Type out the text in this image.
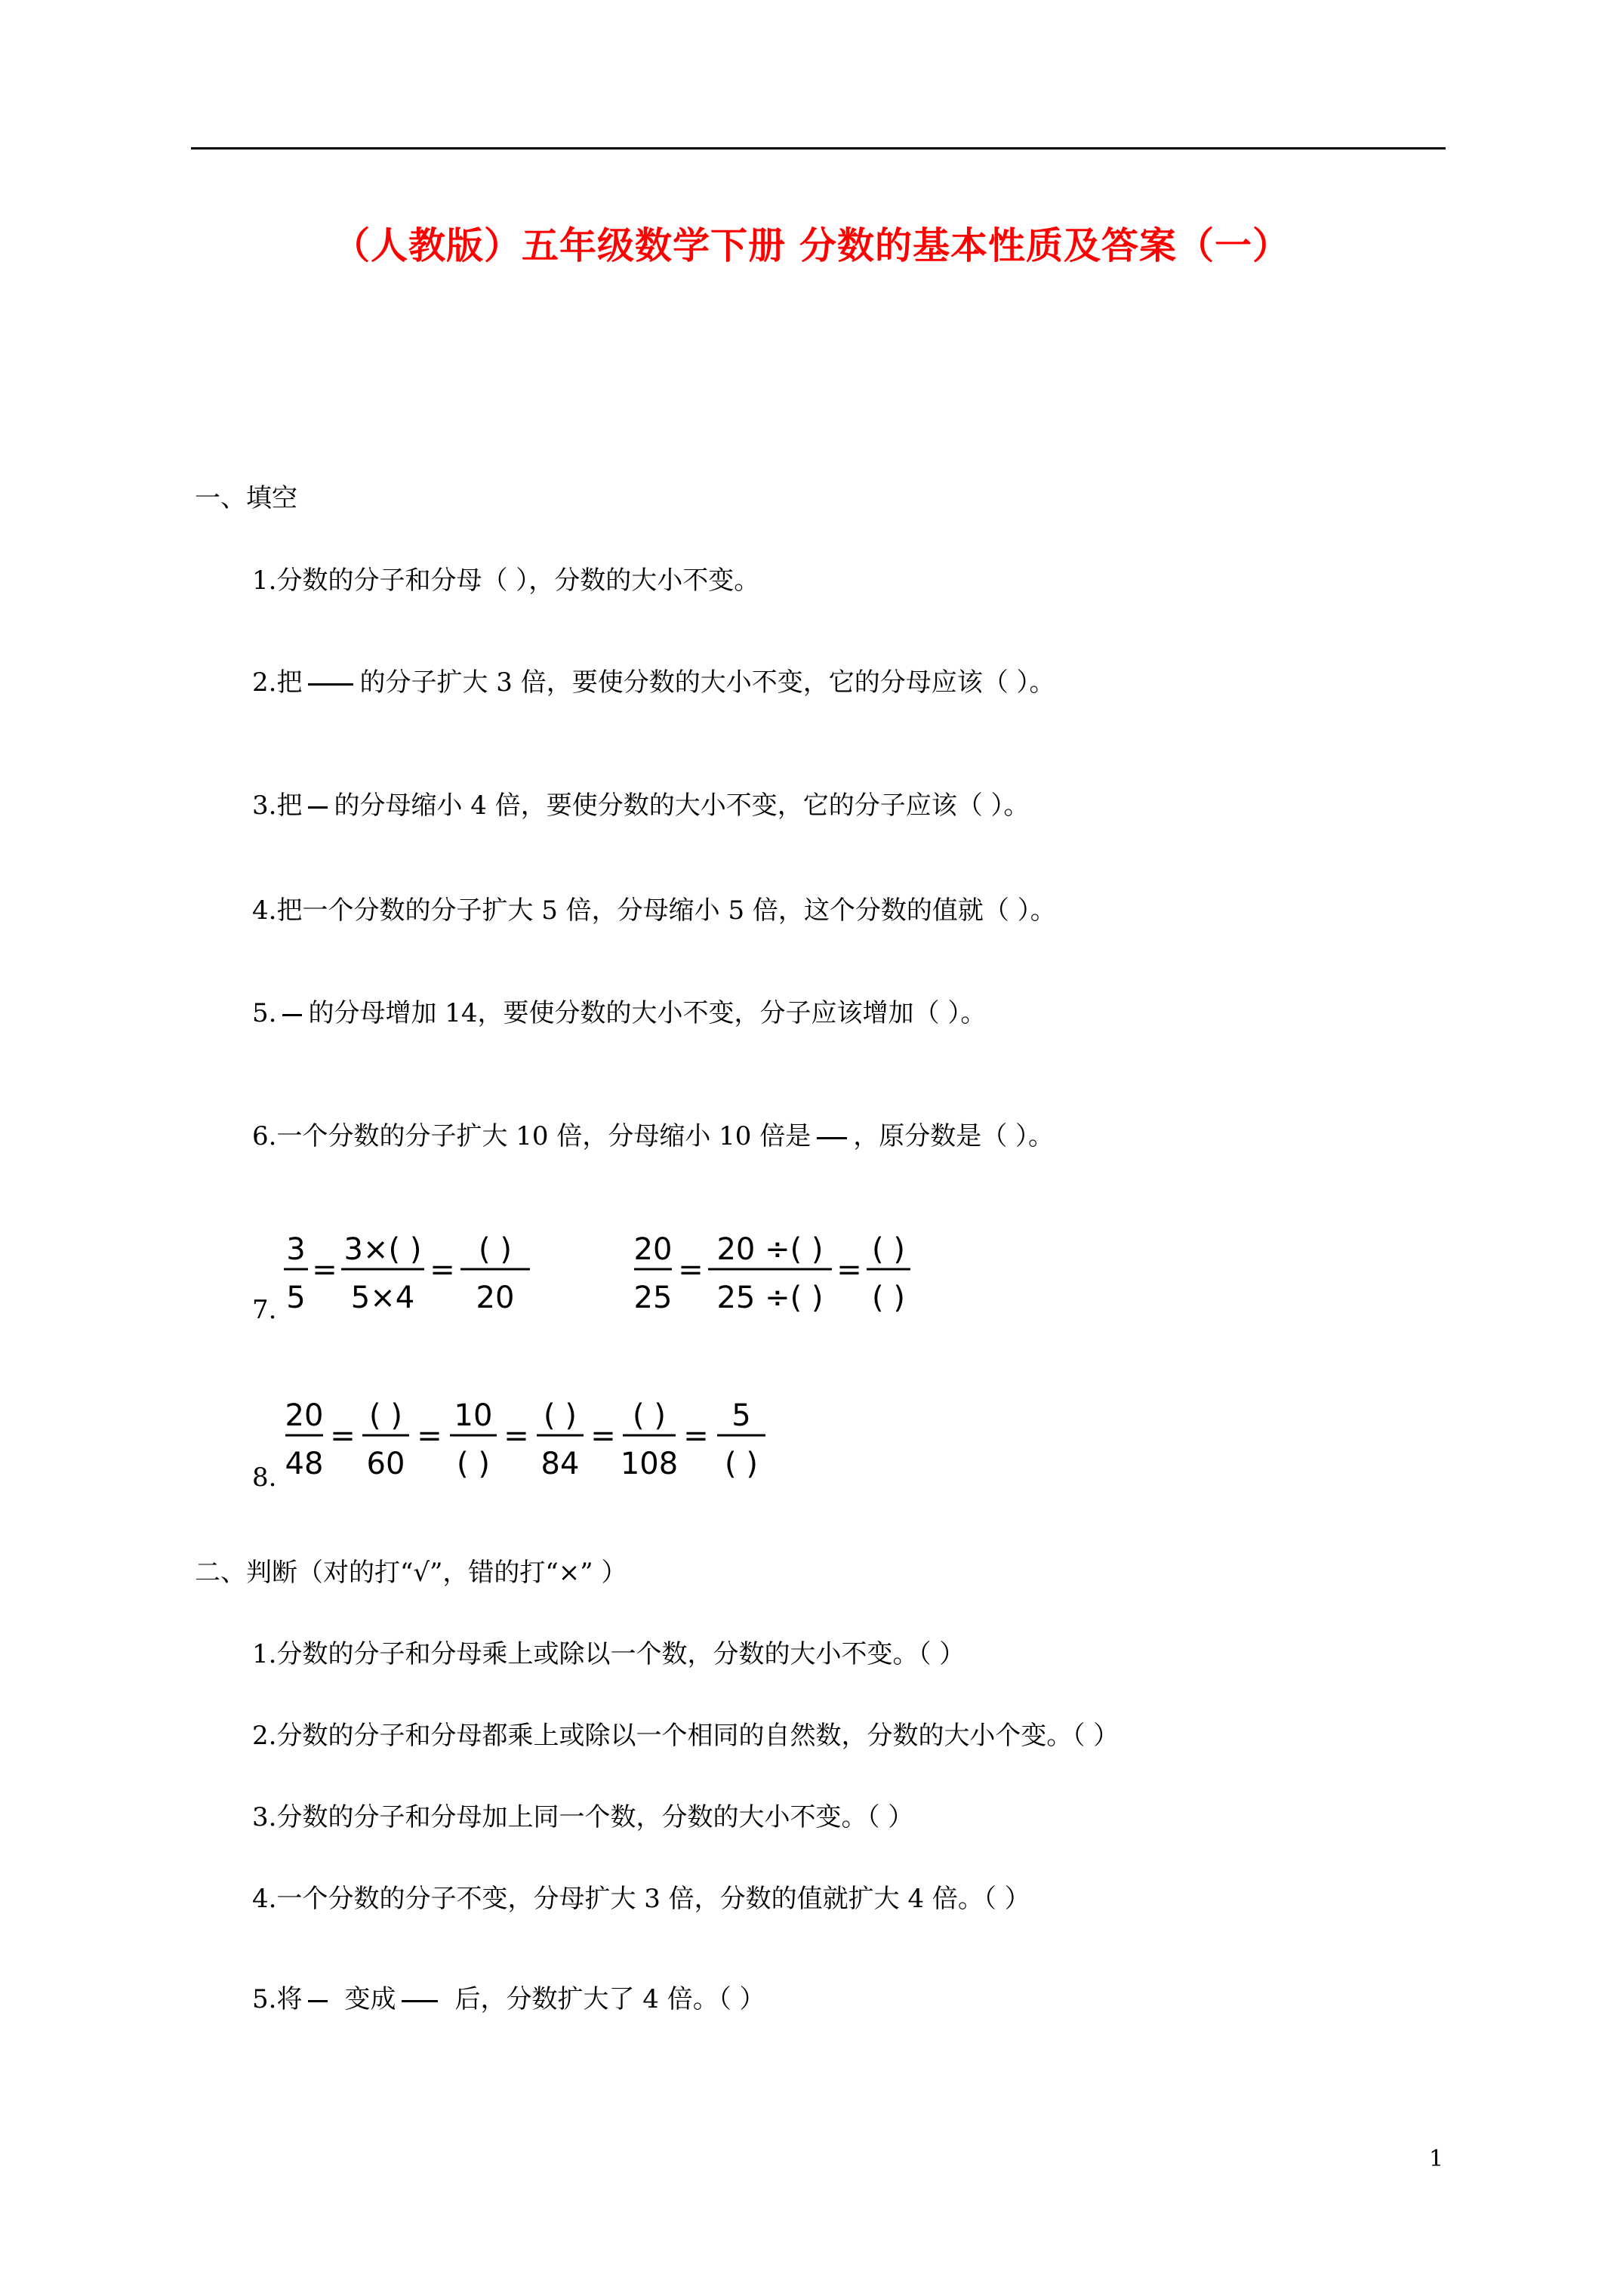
（人教版）五年级数学下册 分数的基本性质及答案（一）
一、填空
1.分数的分子和分母（ ），分数的大小不变。
2.把 的分子扩大 3 倍，要使分数的大小不变，它的分母应该（ ）。
3.把 的分母缩小 4 倍，要使分数的大小不变，它的分子应该（ ）。
4.把一个分数的分子扩大 5 倍，分母缩小 5 倍，这个分数的值就（ ）。
5. 的分母增加 14，要使分数的大小不变，分子应该增加（ ）。
6.一个分数的分子扩大 10 倍，分母缩小 10 倍是 ，原分数是（ ）。
7.
3
5
=
3×( )
5×4
=
( )
20
20
25
=
20 ÷( )
25 ÷( )
=
( )
( )
8.
20
48
=
( )
60
=
10
( )
=
( )
84
=
( )
108
=
5
( )
二、判断（对的打“√”，错的打“×” ）
1.分数的分子和分母乘上或除以一个数，分数的大小不变。（ ）
2.分数的分子和分母都乘上或除以一个相同的自然数，分数的大小个变。（ ）
3.分数的分子和分母加上同一个数，分数的大小不变。（ ）
4.一个分数的分子不变，分母扩大 3 倍，分数的值就扩大 4 倍。（ ）
5.将 变成 后，分数扩大了 4 倍。（ ）
1
